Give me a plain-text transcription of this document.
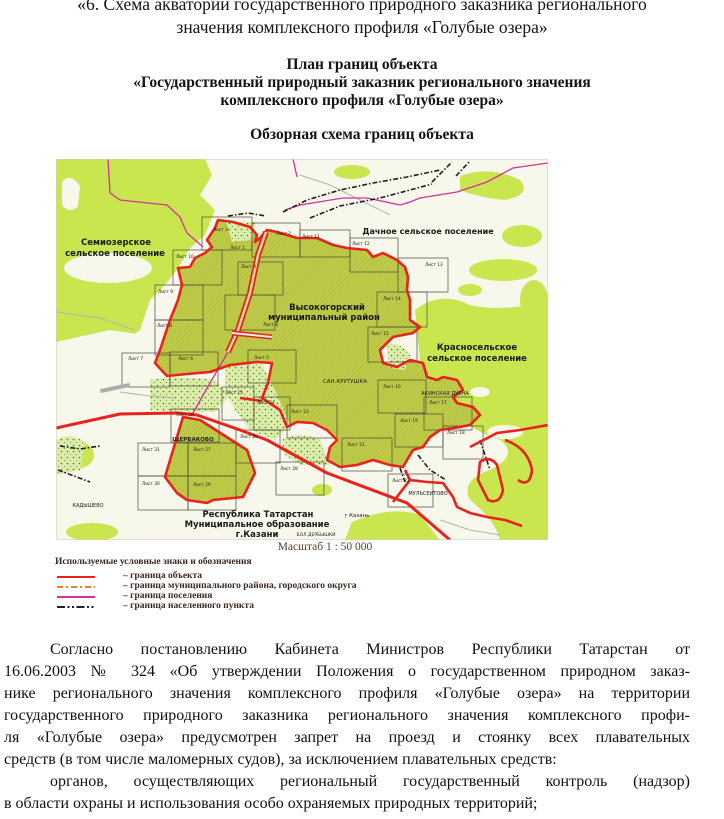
«6. Схема акватории государственного природного заказника регионального
значения комплексного профиля «Голубые озера»
План границ объекта
«Государственный природный заказник регионального значения
комплексного профиля «Голубые озера»
Обзорная схема границ объекта
Лист 3
Лист 2
Лист 11
Лист 12
Лист 13
Лист 1
Лист 10
Лист 4
Лист 9
Лист 14
Лист 8	Лист 6
Лист 15
Лист 7	Лист 6	Лист 5
Лист 16
Лист 25
Лист 24	Лист 17
Лист 23
Лист 20
Лист 19
Лист 26
Лист 18
Лист 21
Лист 31	Лист 27
Лист 28
Лист 22
Лист 30	Лист 29
Семиозерское
сельское поселение
Дачное сельское поселение
Высокогорский
муниципальный район
Красносельское
сельское поселение
САН.КРУТУШКА
АКИНСКАЯ ДУБНА
ЩЕРБАКОВО
МУЛЬСЕИТОВО
КАДЫШЕВО
Республика Татарстан
Муниципальное образование
г.Казани
г Казань
БОЛ.ДЕРБЫШКИ
Масштаб 1 : 50 000
Используемые условные знаки и обозначения
– граница объекта
– граница муниципального района, городского округа
– граница поселения
– граница населенного пункта
Согласно постановлению Кабинета Министров Республики Татарстан от
16.06.2003 № 324 «Об утверждении Положения о государственном природном заказ-
нике регионального значения комплексного профиля «Голубые озера» на территории
государственного природного заказника регионального значения комплексного профи-
ля «Голубые озера» предусмотрен запрет на проезд и стоянку всех плавательных
средств (в том числе маломерных судов), за исключением плавательных средств:
органов, осуществляющих региональный государственный контроль (надзор)
в области охраны и использования особо охраняемых природных территорий;
